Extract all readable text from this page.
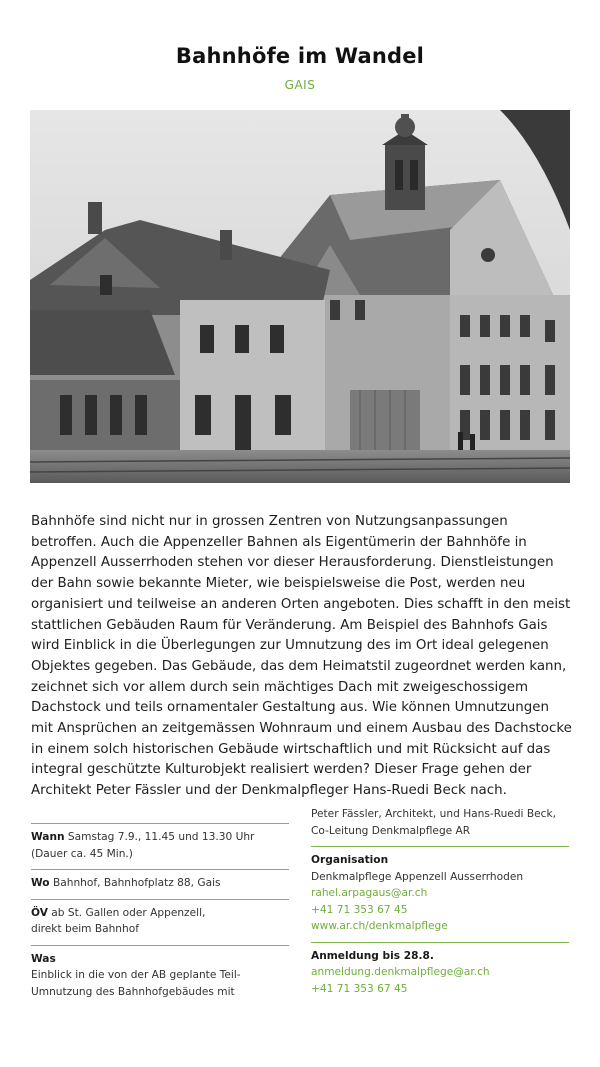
Bahnhöfe im Wandel
GAIS
Bahnhöfe sind nicht nur in grossen Zentren von Nutzungsanpassungen betroffen. Auch die Appenzeller Bahnen als Eigentümerin der Bahnhöfe in Appenzell Ausserrhoden stehen vor dieser Herausforderung. Dienstleistungen der Bahn sowie bekannte Mieter, wie beispielsweise die Post, werden neu organisiert und teilweise an anderen Orten angeboten. Dies schafft in den meist stattlichen Gebäuden Raum für Veränderung. Am Beispiel des Bahnhofs Gais wird Einblick in die Überlegungen zur Umnutzung des im Ort ideal gelegenen Objektes gegeben. Das Gebäude, das dem Heimatstil zugeordnet werden kann, zeichnet sich vor allem durch sein mächtiges Dach mit zweigeschossigem Dachstock und teils ornamentaler Gestaltung aus. Wie können Umnutzungen mit Ansprüchen an zeitgemässen Wohnraum und einem Ausbau des Dachstocke in einem solch historischen Gebäude wirtschaftlich und mit Rücksicht auf das integral geschützte Kulturobjekt realisiert werden? Dieser Frage gehen der Architekt Peter Fässler und der Denkmalpfleger Hans-Ruedi Beck nach.
Wann Samstag 7.9., 11.45 und 13.30 Uhr
(Dauer ca. 45 Min.)
Wo Bahnhof, Bahnhofplatz 88, Gais
ÖV ab St. Gallen oder Appenzell,
direkt beim Bahnhof
Was
Einblick in die von der AB geplante Teil-
Umnutzung des Bahnhofgebäudes mit
Peter Fässler, Architekt, und Hans-Ruedi Beck,
Co-Leitung Denkmalpflege AR
Organisation
Denkmalpflege Appenzell Ausserrhoden
rahel.arpagaus@ar.ch
+41 71 353 67 45
www.ar.ch/denkmalpflege
Anmeldung bis 28.8.
anmeldung.denkmalpflege@ar.ch
+41 71 353 67 45
